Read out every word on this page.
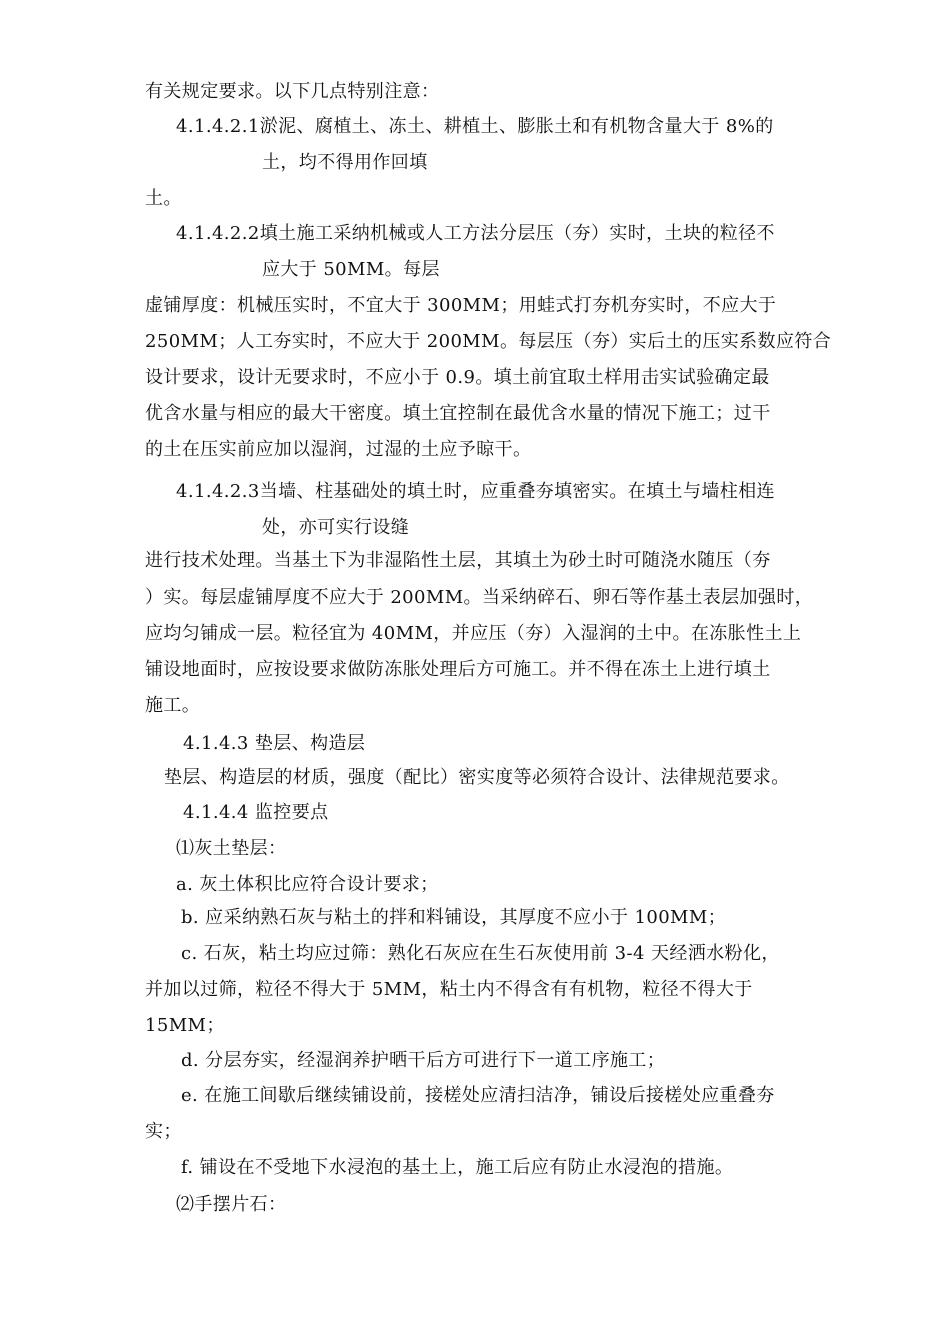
有关规定要求。以下几点特别注意：
4.1.4.2.1淤泥、腐植土、冻土、耕植土、膨胀土和有机物含量大于 8%的
土，均不得用作回填
土。
4.1.4.2.2填土施工采纳机械或人工方法分层压（夯）实时，土块的粒径不
应大于 50MM。每层
虚铺厚度：机械压实时，不宜大于 300MM；用蛙式打夯机夯实时，不应大于
250MM；人工夯实时，不应大于 200MM。每层压（夯）实后土的压实系数应符合
设计要求，设计无要求时，不应小于 0.9。填土前宜取土样用击实试验确定最
优含水量与相应的最大干密度。填土宜控制在最优含水量的情况下施工；过干
的土在压实前应加以湿润，过湿的土应予晾干。
4.1.4.2.3当墙、柱基础处的填土时，应重叠夯填密实。在填土与墙柱相连
处，亦可实行设缝
进行技术处理。当基土下为非湿陷性土层，其填土为砂土时可随浇水随压（夯
）实。每层虚铺厚度不应大于 200MM。当采纳碎石、卵石等作基土表层加强时，
应均匀铺成一层。粒径宜为 40MM，并应压（夯）入湿润的土中。在冻胀性土上
铺设地面时，应按设要求做防冻胀处理后方可施工。并不得在冻土上进行填土
施工。
4.1.4.3 垫层、构造层
垫层、构造层的材质，强度（配比）密实度等必须符合设计、法律规范要求。
4.1.4.4 监控要点
⑴灰土垫层：
a. 灰土体积比应符合设计要求；
b. 应采纳熟石灰与粘土的拌和料铺设，其厚度不应小于 100MM；
c. 石灰，粘土均应过筛：熟化石灰应在生石灰使用前 3-4 天经洒水粉化，
并加以过筛，粒径不得大于 5MM，粘土内不得含有有机物，粒径不得大于
15MM；
d. 分层夯实，经湿润养护晒干后方可进行下一道工序施工；
e. 在施工间歇后继续铺设前，接槎处应清扫洁净，铺设后接槎处应重叠夯
实；
f. 铺设在不受地下水浸泡的基土上，施工后应有防止水浸泡的措施。
⑵手摆片石：
